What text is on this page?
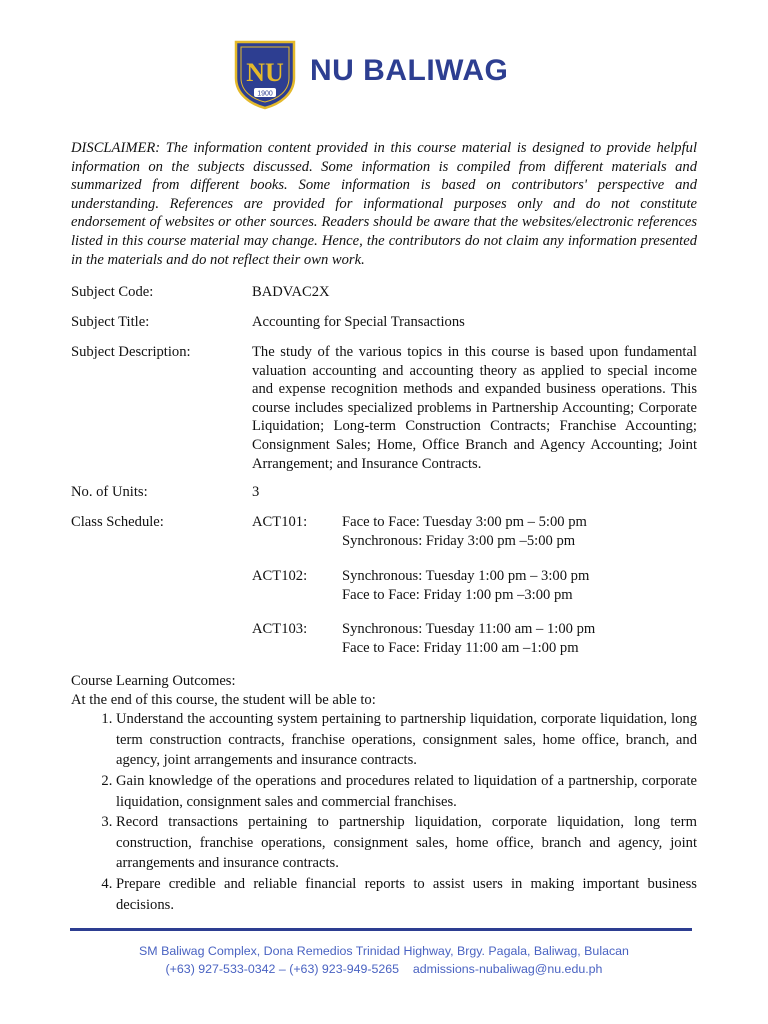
NU
1900
NU BALIWAG
DISCLAIMER: The information content provided in this course material is designed to provide helpful information on the subjects discussed. Some information is compiled from different materials and summarized from different books. Some information is based on contributors' perspective and understanding. References are provided for informational purposes only and do not constitute endorsement of websites or other sources. Readers should be aware that the websites/electronic references listed in this course material may change. Hence, the contributors do not claim any information presented in the materials and do not reflect their own work.
Subject Code:	BADVAC2X
Subject Title:	Accounting for Special Transactions
Subject Description:	The study of the various topics in this course is based upon fundamental valuation accounting and accounting theory as applied to special income and expense recognition methods and expanded business operations. This course includes specialized problems in Partnership Accounting; Corporate Liquidation; Long-term Construction Contracts; Franchise Accounting; Consignment Sales; Home, Office Branch and Agency Accounting; Joint Arrangement; and Insurance Contracts.
No. of Units:	3
Class Schedule:	ACT101: Face to Face: Tuesday 3:00 pm – 5:00 pm
Synchronous: Friday 3:00 pm –5:00 pm
ACT102: Synchronous: Tuesday 1:00 pm – 3:00 pm
Face to Face: Friday 1:00 pm –3:00 pm
ACT103: Synchronous: Tuesday 11:00 am – 1:00 pm
Face to Face: Friday 11:00 am –1:00 pm
Course Learning Outcomes:
At the end of this course, the student will be able to:
1. Understand the accounting system pertaining to partnership liquidation, corporate liquidation, long term construction contracts, franchise operations, consignment sales, home office, branch, and agency, joint arrangements and insurance contracts.
2. Gain knowledge of the operations and procedures related to liquidation of a partnership, corporate liquidation, consignment sales and commercial franchises.
3. Record transactions pertaining to partnership liquidation, corporate liquidation, long term construction, franchise operations, consignment sales, home office, branch and agency, joint arrangements and insurance contracts.
4. Prepare credible and reliable financial reports to assist users in making important business decisions.
SM Baliwag Complex, Dona Remedios Trinidad Highway, Brgy. Pagala, Baliwag, Bulacan
(+63) 927-533-0342 – (+63) 923-949-5265    admissions-nubaliwag@nu.edu.ph
